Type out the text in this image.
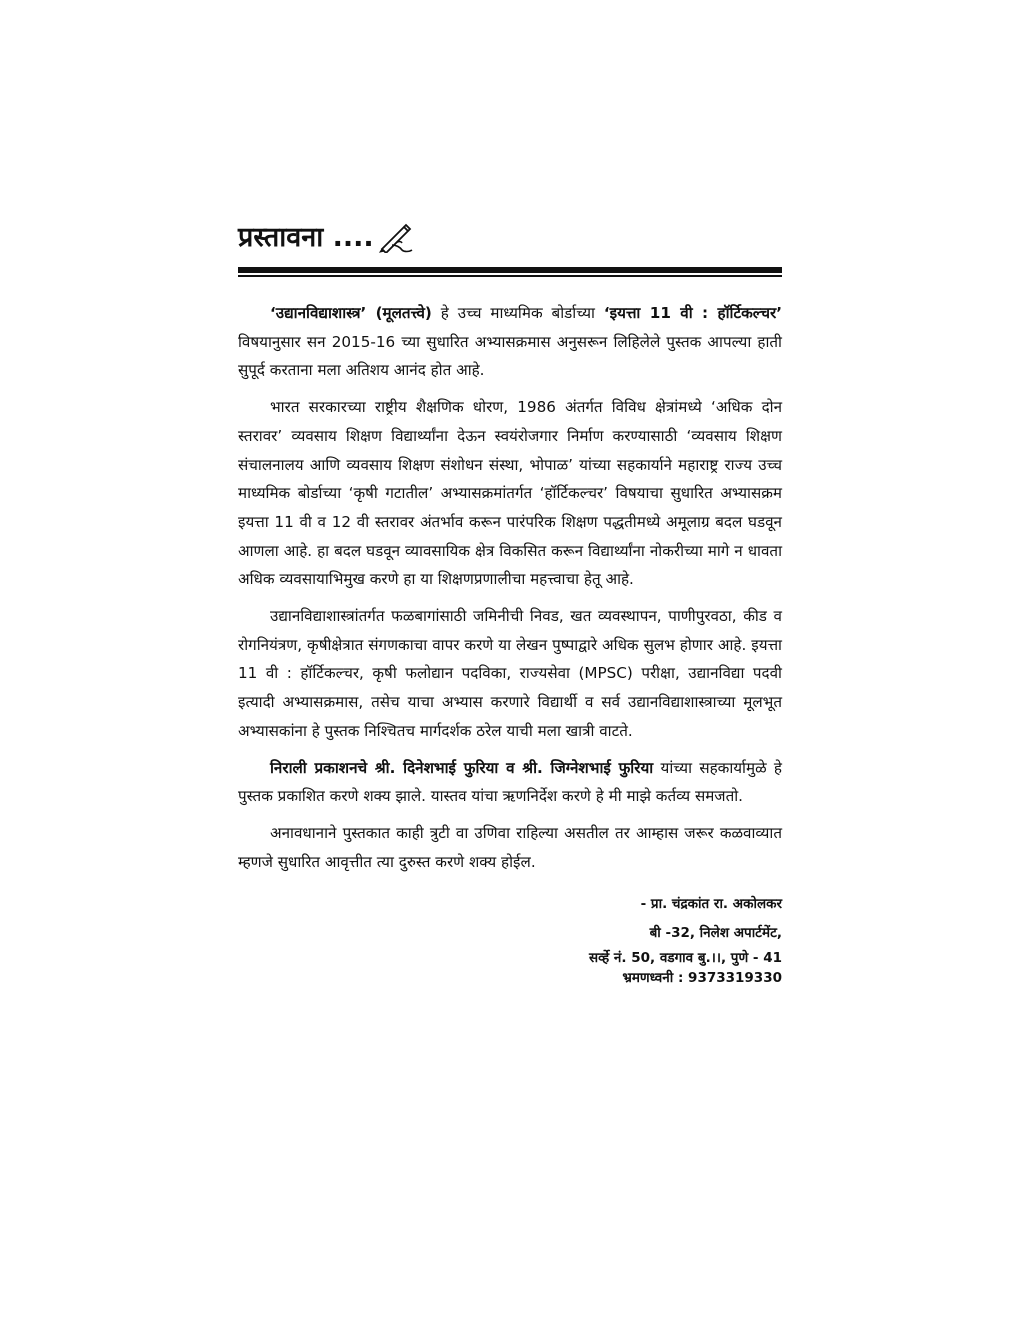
प्रस्तावना ....

‘उद्यानविद्याशास्त्र’ (मूलतत्त्वे) हे उच्च माध्यमिक बोर्डाच्या ‘इयत्ता 11 वी : हॉर्टिकल्चर’ विषयानुसार सन 2015-16 च्या सुधारित अभ्यासक्रमास अनुसरून लिहिलेले पुस्तक आपल्या हाती सुपूर्द करताना मला अतिशय आनंद होत आहे.

भारत सरकारच्या राष्ट्रीय शैक्षणिक धोरण, 1986 अंतर्गत विविध क्षेत्रांमध्ये ‘अधिक दोन स्तरावर’ व्यवसाय शिक्षण विद्यार्थ्यांना देऊन स्वयंरोजगार निर्माण करण्यासाठी ‘व्यवसाय शिक्षण संचालनालय आणि व्यवसाय शिक्षण संशोधन संस्था, भोपाळ’ यांच्या सहकार्याने महाराष्ट्र राज्य उच्च माध्यमिक बोर्डाच्या ‘कृषी गटातील’ अभ्यासक्रमांतर्गत ‘हॉर्टिकल्चर’ विषयाचा सुधारित अभ्यासक्रम इयत्ता 11 वी व 12 वी स्तरावर अंतर्भाव करून पारंपरिक शिक्षण पद्धतीमध्ये अमूलाग्र बदल घडवून आणला आहे. हा बदल घडवून व्यावसायिक क्षेत्र विकसित करून विद्यार्थ्यांना नोकरीच्या मागे न धावता अधिक व्यवसायाभिमुख करणे हा या शिक्षणप्रणालीचा महत्त्वाचा हेतू आहे.

उद्यानविद्याशास्त्रांतर्गत फळबागांसाठी जमिनीची निवड, खत व्यवस्थापन, पाणीपुरवठा, कीड व रोगनियंत्रण, कृषीक्षेत्रात संगणकाचा वापर करणे या लेखन पुष्पाद्वारे अधिक सुलभ होणार आहे. इयत्ता 11 वी : हॉर्टिकल्चर, कृषी फलोद्यान पदविका, राज्यसेवा (MPSC) परीक्षा, उद्यानविद्या पदवी इत्यादी अभ्यासक्रमास, तसेच याचा अभ्यास करणारे विद्यार्थी व सर्व उद्यानविद्याशास्त्राच्या मूलभूत अभ्यासकांना हे पुस्तक निश्चितच मार्गदर्शक ठरेल याची मला खात्री वाटते.

निराली प्रकाशनचे श्री. दिनेशभाई फुरिया व श्री. जिग्नेशभाई फुरिया यांच्या सहकार्यामुळे हे पुस्तक प्रकाशित करणे शक्य झाले. यास्तव यांचा ऋणनिर्देश करणे हे मी माझे कर्तव्य समजतो.

अनावधानाने पुस्तकात काही त्रुटी वा उणिवा राहिल्या असतील तर आम्हास जरूर कळवाव्यात म्हणजे सुधारित आवृत्तीत त्या दुरुस्त करणे शक्य होईल.

- प्रा. चंद्रकांत रा. अकोलकर
बी -32, निलेश अपार्टमेंट,
सर्व्हे नं. 50, वडगाव बु.।।, पुणे - 41
भ्रमणध्वनी : 9373319330
